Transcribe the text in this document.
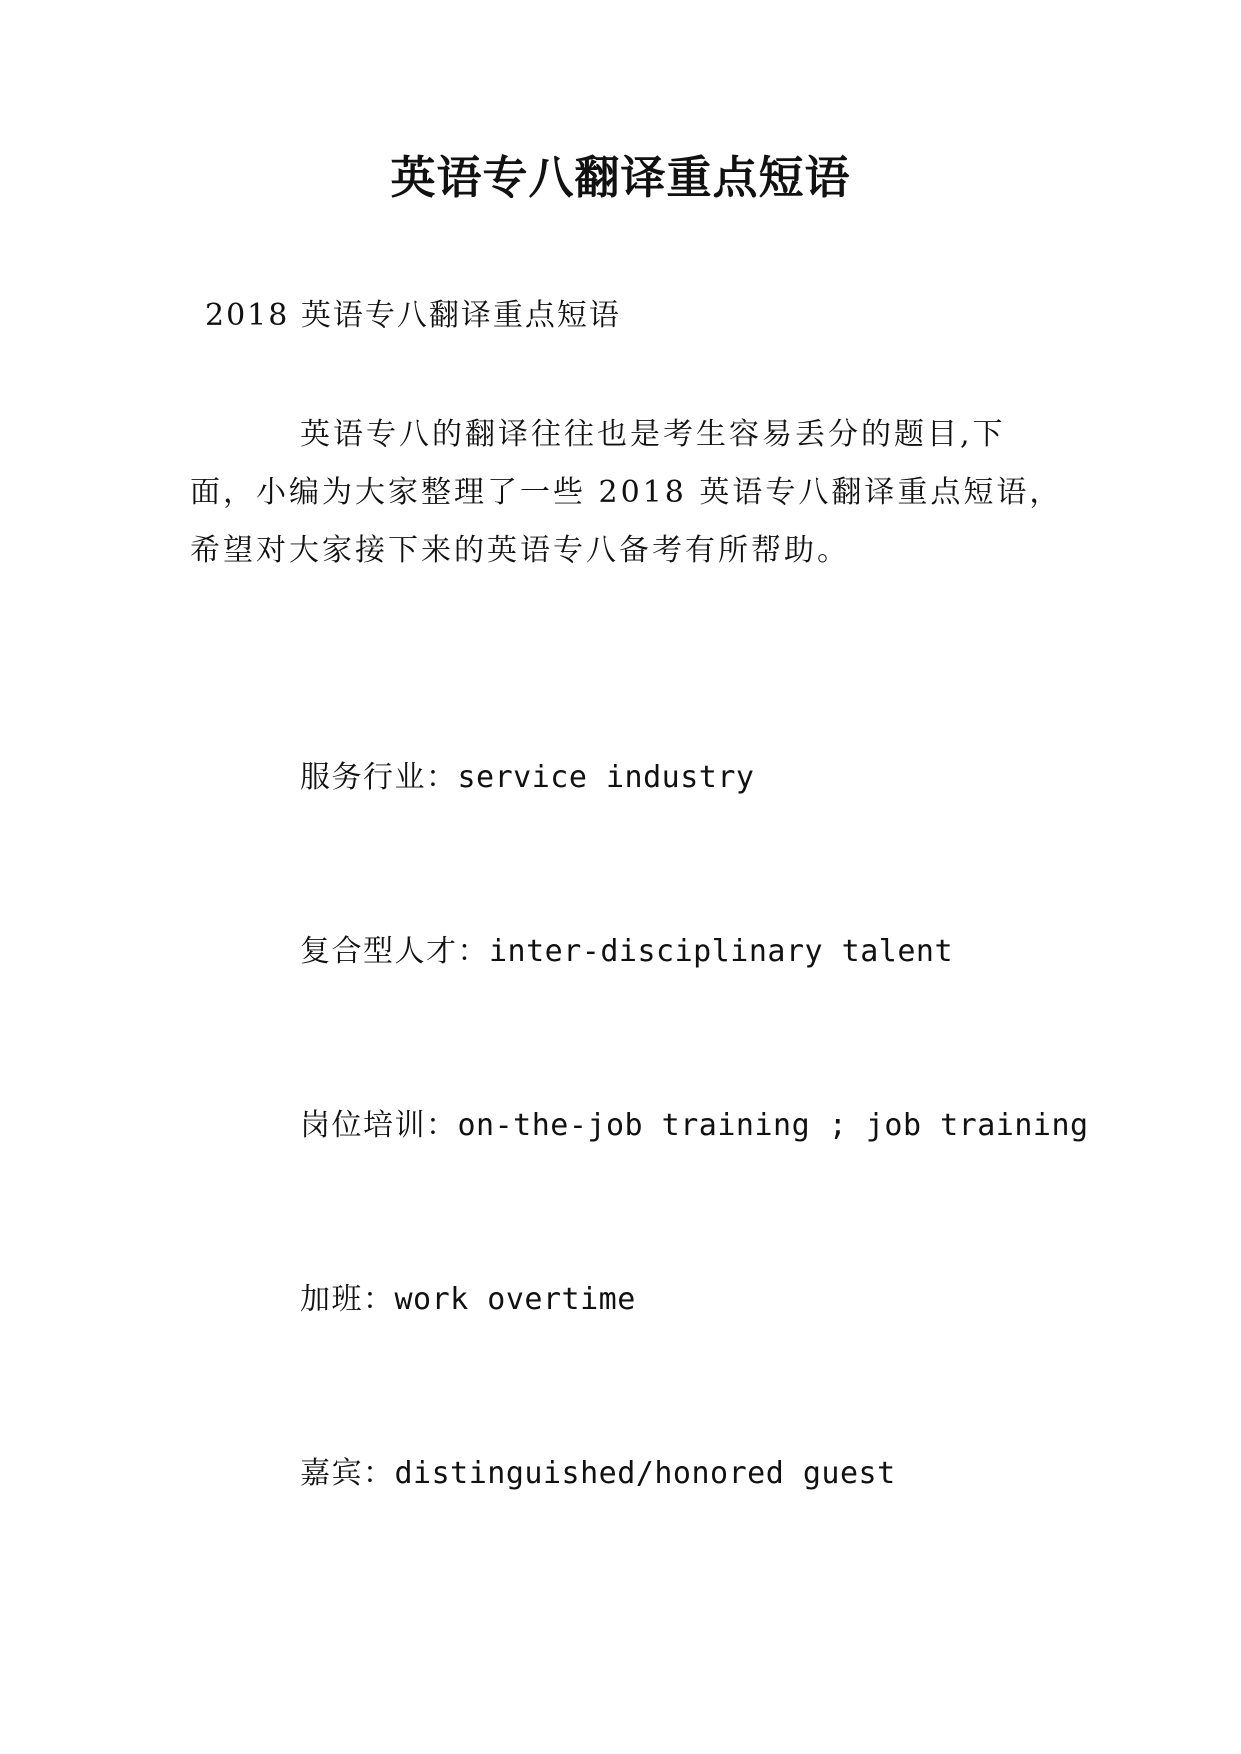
英语专八翻译重点短语

2018 英语专八翻译重点短语

英语专八的翻译往往也是考生容易丢分的题目,下面，小编为大家整理了一些 2018 英语专八翻译重点短语，希望对大家接下来的英语专八备考有所帮助。

服务行业：service industry

复合型人才：inter-disciplinary talent

岗位培训：on-the-job training ; job training

加班：work overtime

嘉宾：distinguished/honored guest
